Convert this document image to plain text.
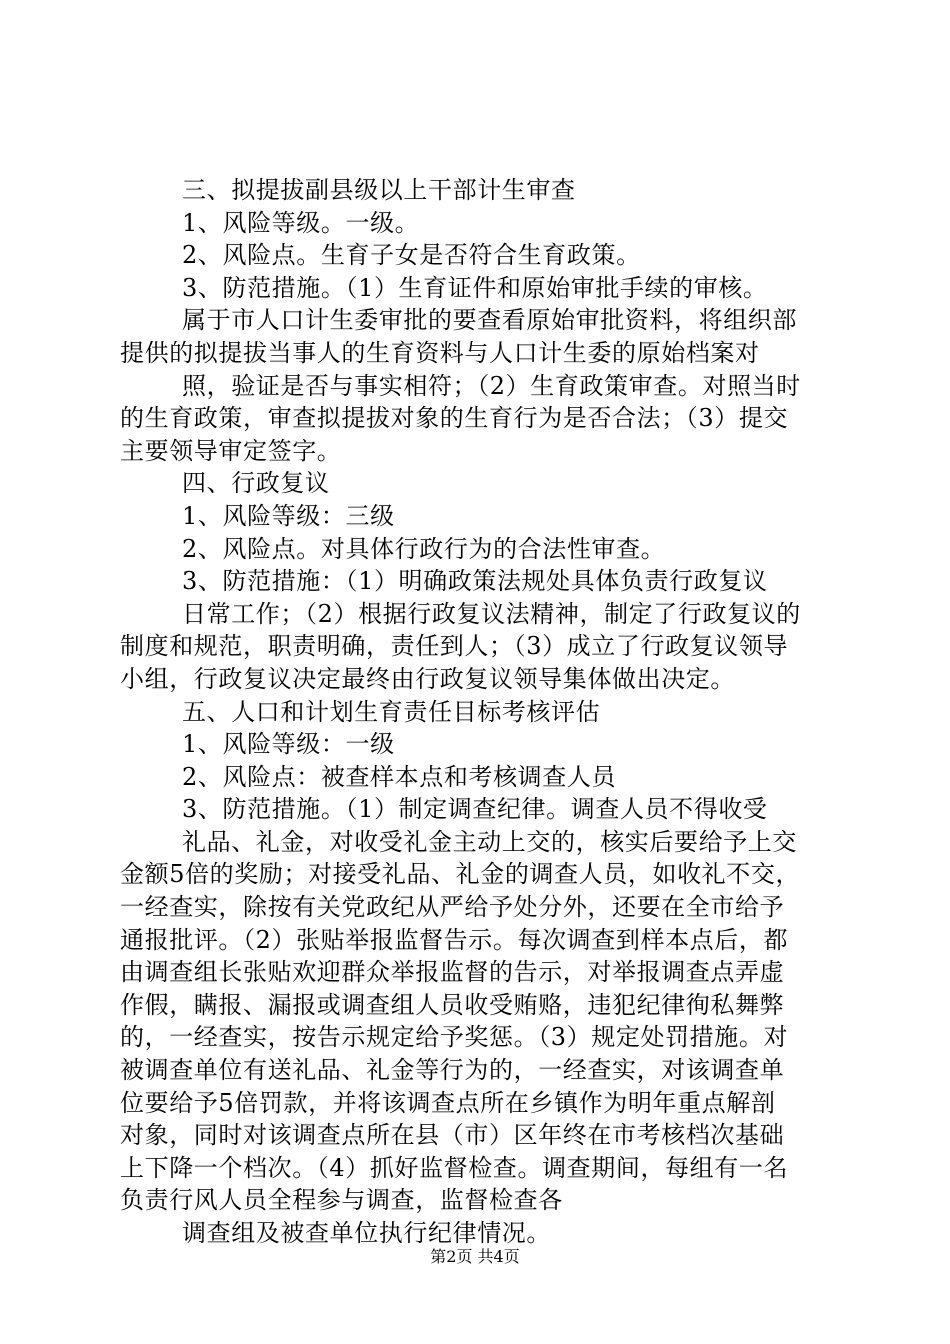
三、拟提拔副县级以上干部计生审查
1、风险等级。一级。
2、风险点。生育子女是否符合生育政策。
3、防范措施。（1）生育证件和原始审批手续的审核。
属于市人口计生委审批的要查看原始审批资料，将组织部
提供的拟提拔当事人的生育资料与人口计生委的原始档案对
照，验证是否与事实相符；（2）生育政策审查。对照当时
的生育政策，审查拟提拔对象的生育行为是否合法；（3）提交
主要领导审定签字。
四、行政复议
1、风险等级：三级
2、风险点。对具体行政行为的合法性审查。
3、防范措施：（1）明确政策法规处具体负责行政复议
日常工作；（2）根据行政复议法精神，制定了行政复议的
制度和规范，职责明确，责任到人；（3）成立了行政复议领导
小组，行政复议决定最终由行政复议领导集体做出决定。
五、人口和计划生育责任目标考核评估
1、风险等级：一级
2、风险点：被查样本点和考核调查人员
3、防范措施。（1）制定调查纪律。调查人员不得收受
礼品、礼金，对收受礼金主动上交的，核实后要给予上交
金额5倍的奖励；对接受礼品、礼金的调查人员，如收礼不交，
一经查实，除按有关党政纪从严给予处分外，还要在全市给予
通报批评。（2）张贴举报监督告示。每次调查到样本点后，都
由调查组长张贴欢迎群众举报监督的告示，对举报调查点弄虚
作假，瞒报、漏报或调查组人员收受贿赂，违犯纪律徇私舞弊
的，一经查实，按告示规定给予奖惩。（3）规定处罚措施。对
被调查单位有送礼品、礼金等行为的，一经查实，对该调查单
位要给予5倍罚款，并将该调查点所在乡镇作为明年重点解剖
对象，同时对该调查点所在县（市）区年终在市考核档次基础
上下降一个档次。（4）抓好监督检查。调查期间，每组有一名
负责行风人员全程参与调查，监督检查各
调查组及被查单位执行纪律情况。
第2页 共4页
